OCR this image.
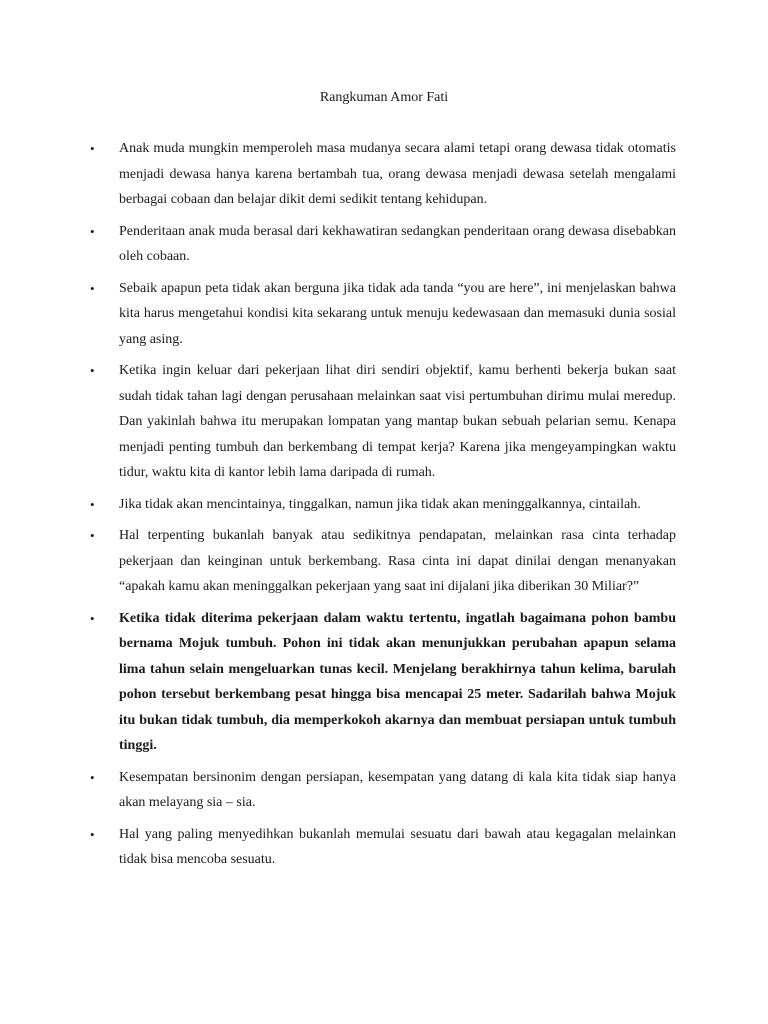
Rangkuman Amor Fati
• Anak muda mungkin memperoleh masa mudanya secara alami tetapi orang dewasa tidak otomatis menjadi dewasa hanya karena bertambah tua, orang dewasa menjadi dewasa setelah mengalami berbagai cobaan dan belajar dikit demi sedikit tentang kehidupan.
• Penderitaan anak muda berasal dari kekhawatiran sedangkan penderitaan orang dewasa disebabkan oleh cobaan.
• Sebaik apapun peta tidak akan berguna jika tidak ada tanda “you are here”, ini menjelaskan bahwa kita harus mengetahui kondisi kita sekarang untuk menuju kedewasaan dan memasuki dunia sosial yang asing.
• Ketika ingin keluar dari pekerjaan lihat diri sendiri objektif, kamu berhenti bekerja bukan saat sudah tidak tahan lagi dengan perusahaan melainkan saat visi pertumbuhan dirimu mulai meredup. Dan yakinlah bahwa itu merupakan lompatan yang mantap bukan sebuah pelarian semu. Kenapa menjadi penting tumbuh dan berkembang di tempat kerja? Karena jika mengeyampingkan waktu tidur, waktu kita di kantor lebih lama daripada di rumah.
• Jika tidak akan mencintainya, tinggalkan, namun jika tidak akan meninggalkannya, cintailah.
• Hal terpenting bukanlah banyak atau sedikitnya pendapatan, melainkan rasa cinta terhadap pekerjaan dan keinginan untuk berkembang. Rasa cinta ini dapat dinilai dengan menanyakan “apakah kamu akan meninggalkan pekerjaan yang saat ini dijalani jika diberikan 30 Miliar?”
• Ketika tidak diterima pekerjaan dalam waktu tertentu, ingatlah bagaimana pohon bambu bernama Mojuk tumbuh. Pohon ini tidak akan menunjukkan perubahan apapun selama lima tahun selain mengeluarkan tunas kecil. Menjelang berakhirnya tahun kelima, barulah pohon tersebut berkembang pesat hingga bisa mencapai 25 meter. Sadarilah bahwa Mojuk itu bukan tidak tumbuh, dia memperkokoh akarnya dan membuat persiapan untuk tumbuh tinggi.
• Kesempatan bersinonim dengan persiapan, kesempatan yang datang di kala kita tidak siap hanya akan melayang sia – sia.
• Hal yang paling menyedihkan bukanlah memulai sesuatu dari bawah atau kegagalan melainkan tidak bisa mencoba sesuatu.
